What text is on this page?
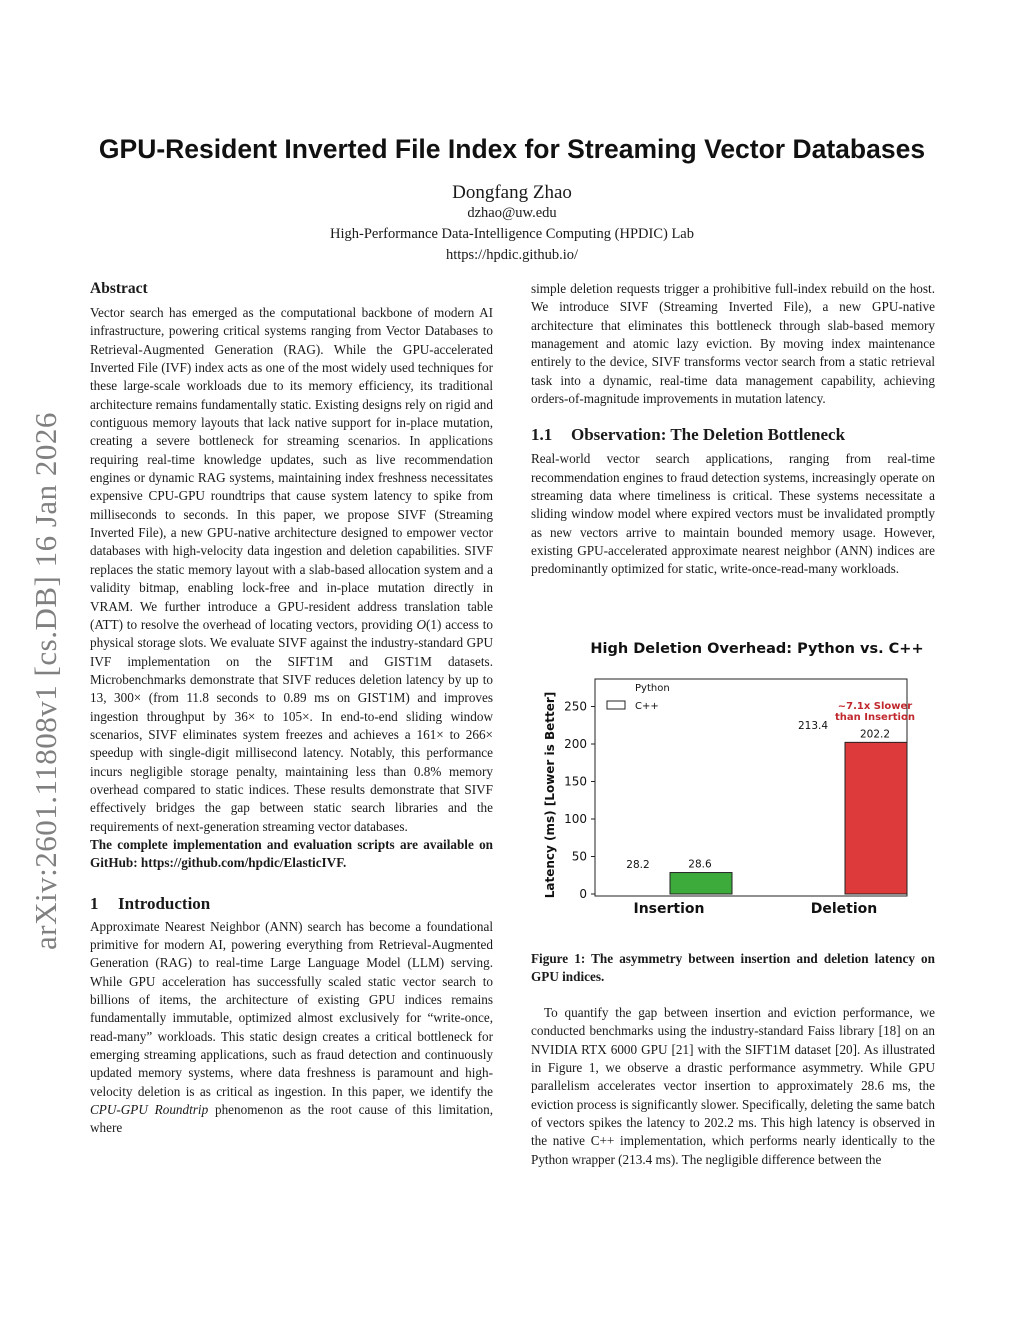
arXiv:2601.11808v1 [cs.DB] 16 Jan 2026
GPU-Resident Inverted File Index for Streaming Vector Databases
Dongfang Zhao
dzhao@uw.edu
High-Performance Data-Intelligence Computing (HPDIC) Lab
https://hpdic.github.io/
Abstract

Vector search has emerged as the computational backbone of modern AI infrastructure, powering critical systems ranging from Vector Databases to Retrieval-Augmented Generation (RAG). While the GPU-accelerated Inverted File (IVF) index acts as one of the most widely used techniques for these large-scale workloads due to its memory efficiency, its traditional architecture remains fundamentally static. Existing designs rely on rigid and contiguous memory layouts that lack native support for in-place mutation, creating a severe bottleneck for streaming scenarios. In applications requiring real-time knowledge updates, such as live recommendation engines or dynamic RAG systems, maintaining index freshness necessitates expensive CPU-GPU roundtrips that cause system latency to spike from milliseconds to seconds. In this paper, we propose SIVF (Streaming Inverted File), a new GPU-native architecture designed to empower vector databases with high-velocity data ingestion and deletion capabilities. SIVF replaces the static memory layout with a slab-based allocation system and a validity bitmap, enabling lock-free and in-place mutation directly in VRAM. We further introduce a GPU-resident address translation table (ATT) to resolve the overhead of locating vectors, providing O(1) access to physical storage slots. We evaluate SIVF against the industry-standard GPU IVF implementation on the SIFT1M and GIST1M datasets. Microbenchmarks demonstrate that SIVF reduces deletion latency by up to 13, 300× (from 11.8 seconds to 0.89 ms on GIST1M) and improves ingestion throughput by 36× to 105×. In end-to-end sliding window scenarios, SIVF eliminates system freezes and achieves a 161× to 266× speedup with single-digit millisecond latency. Notably, this performance incurs negligible storage penalty, maintaining less than 0.8% memory overhead compared to static indices. These results demonstrate that SIVF effectively bridges the gap between static search libraries and the requirements of next-generation streaming vector databases.

The complete implementation and evaluation scripts are available on GitHub: https://github.com/hpdic/ElasticIVF.

1 Introduction

Approximate Nearest Neighbor (ANN) search has become a foundational primitive for modern AI, powering everything from Retrieval-Augmented Generation (RAG) to real-time Large Language Model (LLM) serving. While GPU acceleration has successfully scaled static vector search to billions of items, the architecture of existing GPU indices remains fundamentally immutable, optimized almost exclusively for “write-once, read-many” workloads. This static design creates a critical bottleneck for emerging streaming applications, such as fraud detection and continuously updated memory systems, where data freshness is paramount and high-velocity deletion is as critical as ingestion. In this paper, we identify the CPU-GPU Roundtrip phenomenon as the root cause of this limitation, where

simple deletion requests trigger a prohibitive full-index rebuild on the host. We introduce SIVF (Streaming Inverted File), a new GPU-native architecture that eliminates this bottleneck through slab-based memory management and atomic lazy eviction. By moving index maintenance entirely to the device, SIVF transforms vector search from a static retrieval task into a dynamic, real-time data management capability, achieving orders-of-magnitude improvements in mutation latency.

1.1 Observation: The Deletion Bottleneck

Real-world vector search applications, ranging from real-time recommendation engines to fraud detection systems, increasingly operate on streaming data where timeliness is critical. These systems necessitate a sliding window model where expired vectors must be invalidated promptly as new vectors arrive to maintain bounded memory usage. However, existing GPU-accelerated approximate nearest neighbor (ANN) indices are predominantly optimized for static, write-once-read-many workloads.

High Deletion Overhead: Python vs. C++
Latency (ms) [Lower is Better] 0
50
100
150
200
250
28.2	28.6
213.4
202.2
Python
C++	~7.1x Slower
than Insertion
Insertion	Deletion
Figure 1: The asymmetry between insertion and deletion latency on GPU indices.

To quantify the gap between insertion and eviction performance, we conducted benchmarks using the industry-standard Faiss library [18] on an NVIDIA RTX 6000 GPU [21] with the SIFT1M dataset [20]. As illustrated in Figure 1, we observe a drastic performance asymmetry. While GPU parallelism accelerates vector insertion to approximately 28.6 ms, the eviction process is significantly slower. Specifically, deleting the same batch of vectors spikes the latency to 202.2 ms. This high latency is observed in the native C++ implementation, which performs nearly identically to the Python wrapper (213.4 ms). The negligible difference between the
